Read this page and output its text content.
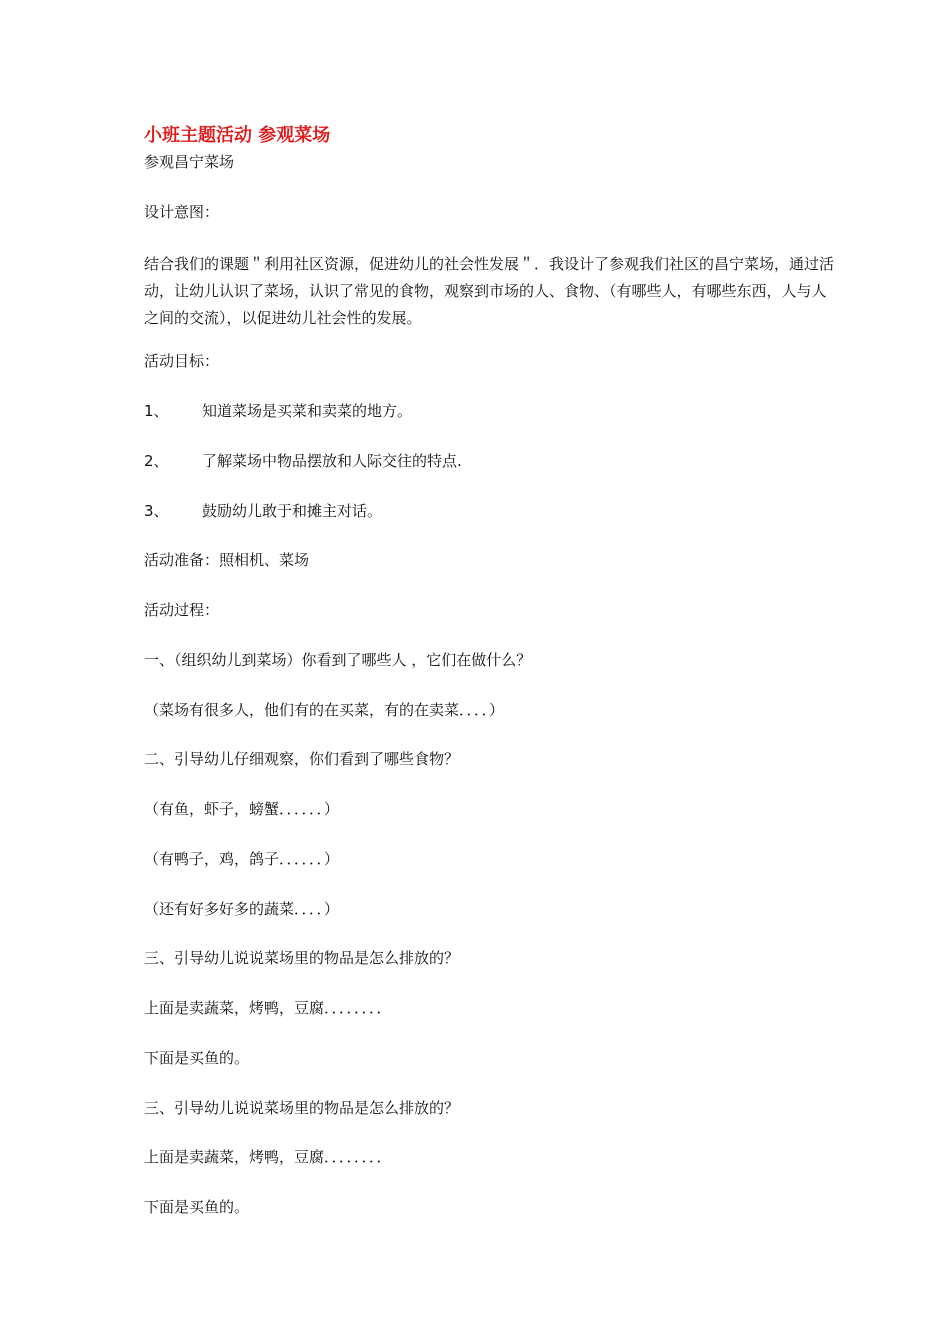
小班主题活动 参观菜场
参观昌宁菜场
设计意图：
结合我们的课题＂利用社区资源，促进幼儿的社会性发展＂．我设计了参观我们社区的昌宁菜场，通过活动，让幼儿认识了菜场，认识了常见的食物，观察到市场的人、食物、（有哪些人，有哪些东西，人与人之间的交流），以促进幼儿社会性的发展。
活动目标：
1、 知道菜场是买菜和卖菜的地方。
2、 了解菜场中物品摆放和人际交往的特点.
3、 鼓励幼儿敢于和摊主对话。
活动准备：照相机、菜场
活动过程：
一、（组织幼儿到菜场）你看到了哪些人 ，它们在做什么？
（菜场有很多人，他们有的在买菜，有的在卖菜．．．．）
二、引导幼儿仔细观察，你们看到了哪些食物？
（有鱼，虾子，螃蟹．．．．．．）
（有鸭子，鸡，鸽子．．．．．．）
（还有好多好多的蔬菜．．．．）
三、引导幼儿说说菜场里的物品是怎么排放的？
上面是卖蔬菜，烤鸭，豆腐．．．．．．．．
下面是买鱼的。
三、引导幼儿说说菜场里的物品是怎么排放的？
上面是卖蔬菜，烤鸭，豆腐．．．．．．．．
下面是买鱼的。
